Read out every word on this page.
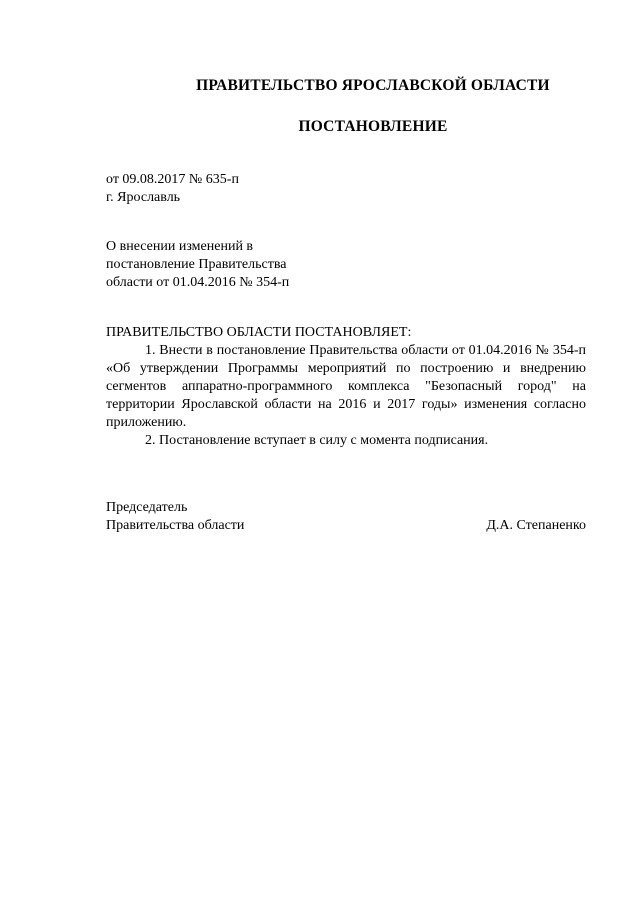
ПРАВИТЕЛЬСТВО ЯРОСЛАВСКОЙ ОБЛАСТИ
ПОСТАНОВЛЕНИЕ
от 09.08.2017 № 635-п
г. Ярославль
О внесении изменений в
постановление Правительства
области от 01.04.2016 № 354-п
ПРАВИТЕЛЬСТВО ОБЛАСТИ ПОСТАНОВЛЯЕТ:

1. Внести в постановление Правительства области от 01.04.2016 № 354-п «Об утверждении Программы мероприятий по построению и внедрению сегментов аппаратно-программного комплекса "Безопасный город" на территории Ярославской области на 2016 и 2017 годы» изменения согласно приложению.

2. Постановление вступает в силу с момента подписания.

Председатель
Правительства области	Д.А. Степаненко
